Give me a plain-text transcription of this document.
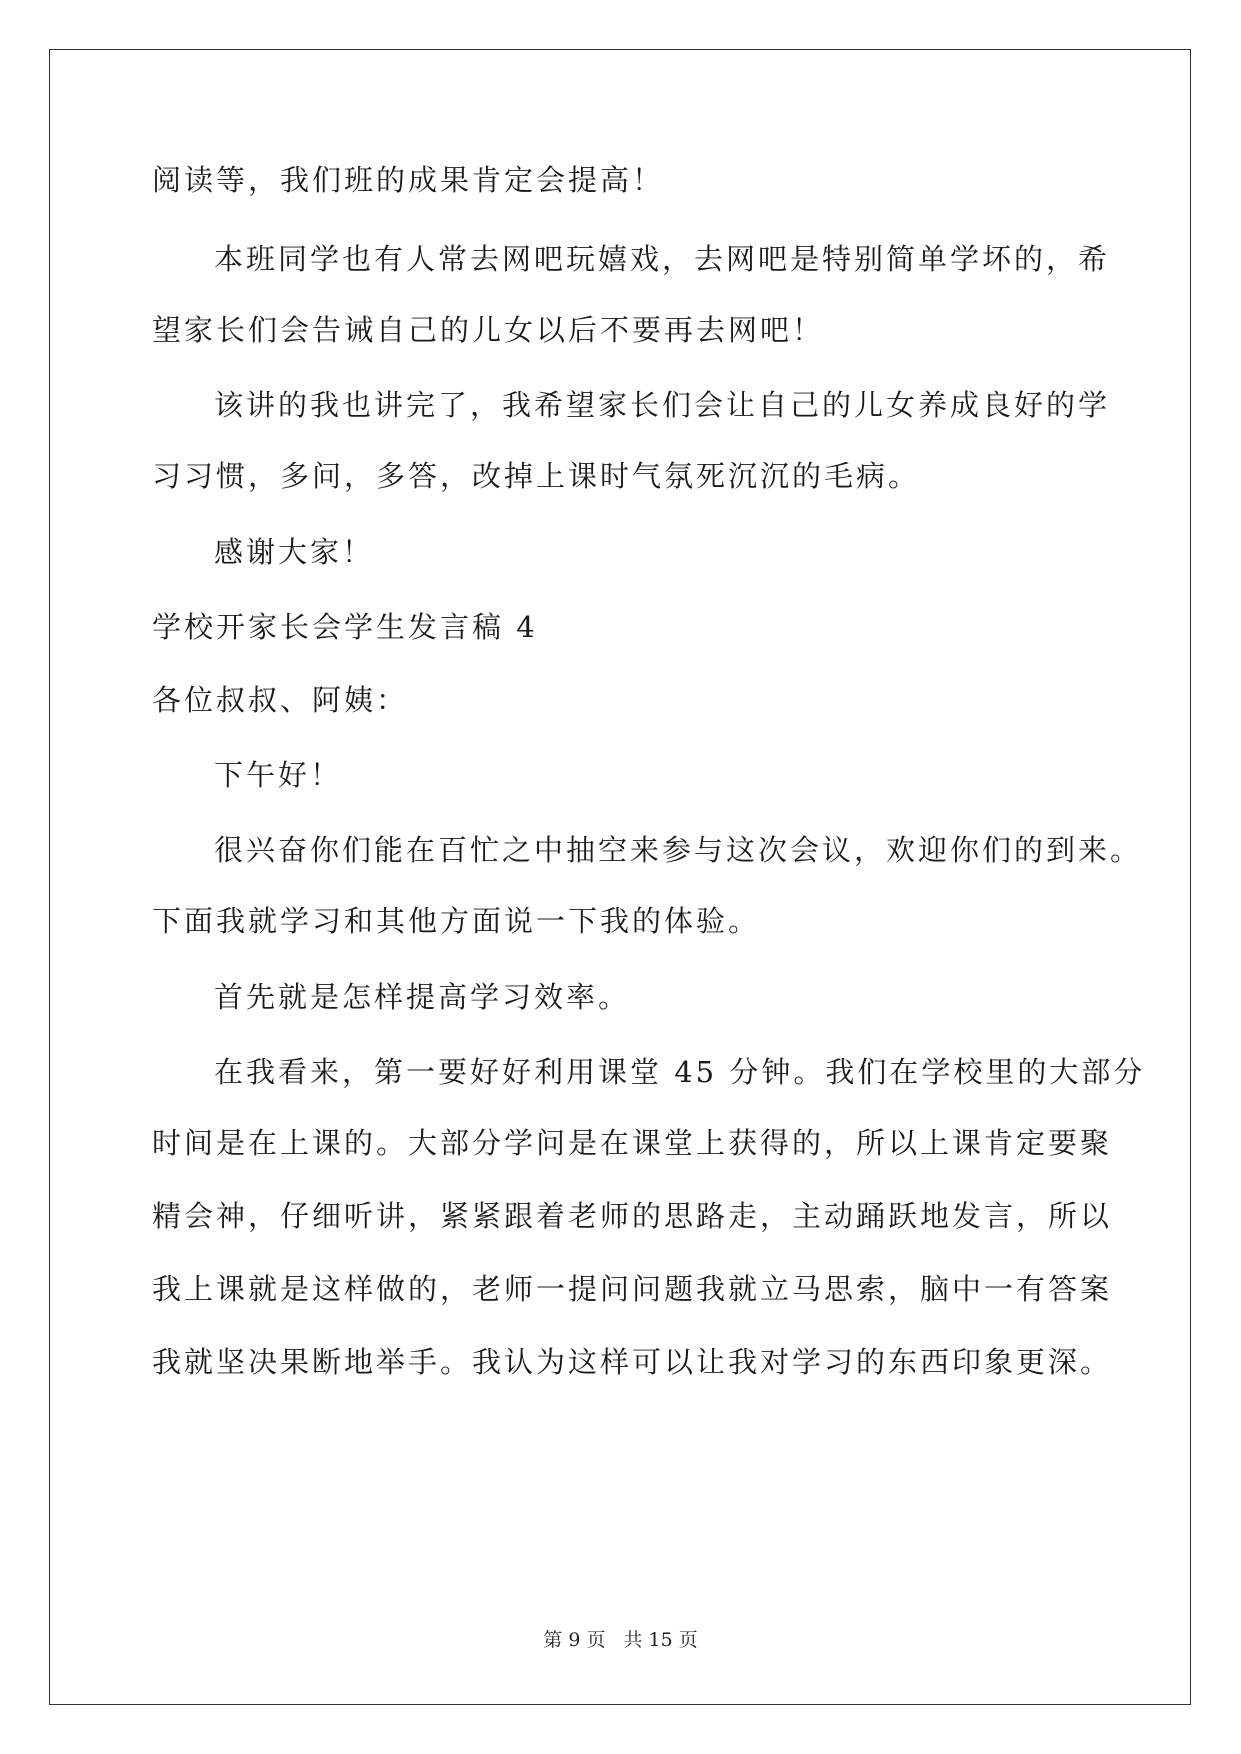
阅读等，我们班的成果肯定会提高！
本班同学也有人常去网吧玩嬉戏，去网吧是特别简单学坏的，希
望家长们会告诫自己的儿女以后不要再去网吧！
该讲的我也讲完了，我希望家长们会让自己的儿女养成良好的学
习习惯，多问，多答，改掉上课时气氛死沉沉的毛病。
感谢大家！
学校开家长会学生发言稿 4
各位叔叔、阿姨：
下午好！
很兴奋你们能在百忙之中抽空来参与这次会议，欢迎你们的到来。
下面我就学习和其他方面说一下我的体验。
首先就是怎样提高学习效率。
在我看来，第一要好好利用课堂 45 分钟。我们在学校里的大部分
时间是在上课的。大部分学问是在课堂上获得的，所以上课肯定要聚
精会神，仔细听讲，紧紧跟着老师的思路走，主动踊跃地发言，所以
我上课就是这样做的，老师一提问问题我就立马思索，脑中一有答案
我就坚决果断地举手。我认为这样可以让我对学习的东西印象更深。
第 9 页 共 15 页
